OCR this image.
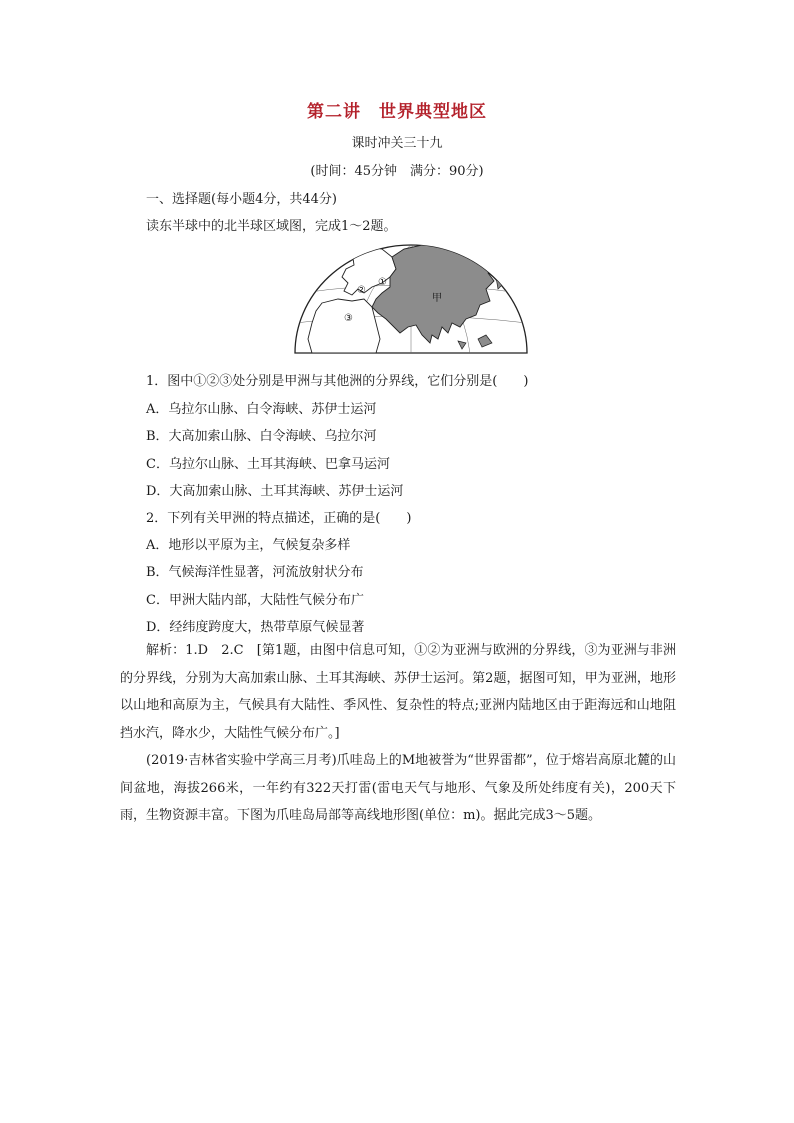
第二讲 世界典型地区
课时冲关三十九
(时间：45分钟　满分：90分)
一、选择题(每小题4分，共44分)
读东半球中的北半球区域图，完成1～2题。
①
②
③
甲
1．图中①②③处分别是甲洲与其他洲的分界线，它们分别是(　　)
A．乌拉尔山脉、白令海峡、苏伊士运河
B．大高加索山脉、白令海峡、乌拉尔河
C．乌拉尔山脉、土耳其海峡、巴拿马运河
D．大高加索山脉、土耳其海峡、苏伊士运河
2．下列有关甲洲的特点描述，正确的是(　　)
A．地形以平原为主，气候复杂多样
B．气候海洋性显著，河流放射状分布
C．甲洲大陆内部，大陆性气候分布广
D．经纬度跨度大，热带草原气候显著
解析：1.D　2.C　[第1题，由图中信息可知，①②为亚洲与欧洲的分界线，③为亚洲与非洲的分界线，分别为大高加索山脉、土耳其海峡、苏伊士运河。第2题，据图可知，甲为亚洲，地形以山地和高原为主，气候具有大陆性、季风性、复杂性的特点;亚洲内陆地区由于距海远和山地阻挡水汽，降水少，大陆性气候分布广。]
(2019·吉林省实验中学高三月考)爪哇岛上的M地被誉为“世界雷都”，位于熔岩高原北麓的山间盆地，海拔266米，一年约有322天打雷(雷电天气与地形、气象及所处纬度有关)，200天下雨，生物资源丰富。下图为爪哇岛局部等高线地形图(单位：m)。据此完成3～5题。
